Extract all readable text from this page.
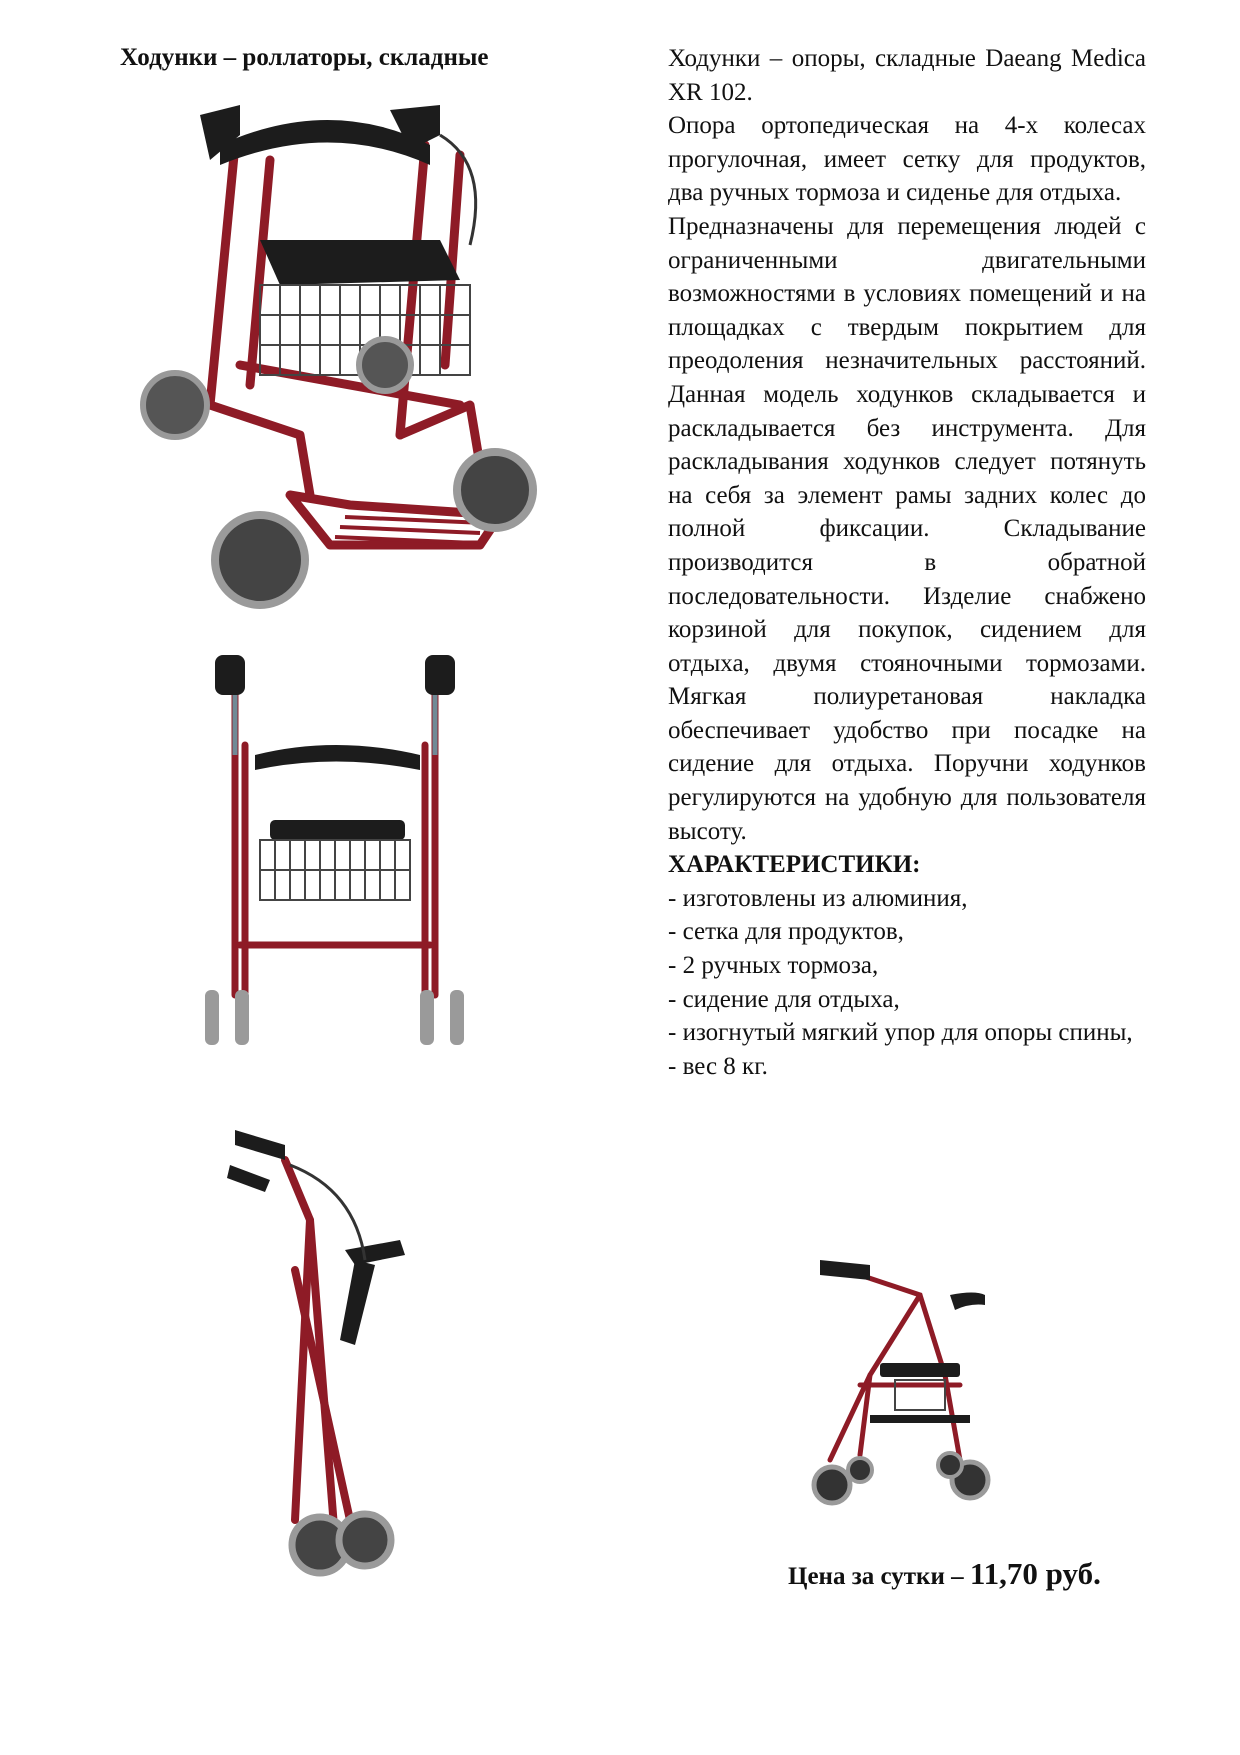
Ходунки – роллаторы, складные	Ходунки – опоры, складные Daeang Medica XR 102.

Опора ортопедическая на 4-х колесах прогулочная, имеет сетку для продуктов, два ручных тормоза и сиденье для отдыха.

Предназначены для перемещения людей с ограниченными двигательными возможностями в условиях помещений и на площадках с твердым покрытием для преодоления незначительных расстояний. Данная модель ходунков складывается и раскладывается без инструмента. Для раскладывания ходунков следует потянуть на себя за элемент рамы задних колес до полной фиксации. Складывание производится в обратной последовательности. Изделие снабжено корзиной для покупок, сидением для отдыха, двумя стояночными тормозами. Мягкая полиуретановая накладка обеспечивает удобство при посадке на сидение для отдыха. Поручни ходунков регулируются на удобную для пользователя высоту.

ХАРАКТЕРИСТИКИ:
- изготовлены из алюминия,
- сетка для продуктов,
- 2 ручных тормоза,
- сидение для отдыха,
- изогнутый мягкий упор для опоры спины,
- вес 8 кг.
Цена за сутки – 11,70 руб.
